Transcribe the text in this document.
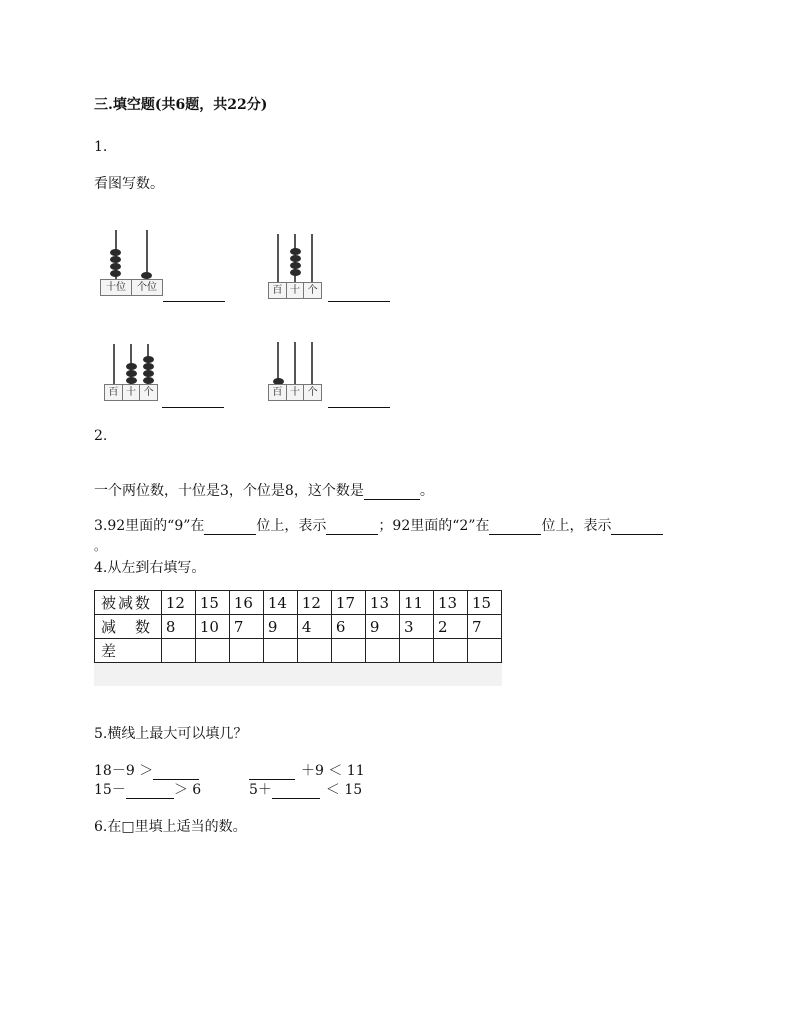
三.填空题(共6题，共22分)
1.
看图写数。
十位	个位	百 十 个
百 十 个	百 十 个
2.
一个两位数，十位是3，个位是8，这个数是	。
3.92里面的“9”在	位上，表示	；92里面的“2”在	位上，表示
。
4.从左到右填写。
被减数	12	15	16	14	12	17	13	11	13	15
减　数	8	10	7	9	4	6	9	3	2	7
差										
5.横线上最大可以填几？
18－9 ＞	＋9 ＜ 11
15－	＞ 6	5＋	＜ 15
6.在□里填上适当的数。
